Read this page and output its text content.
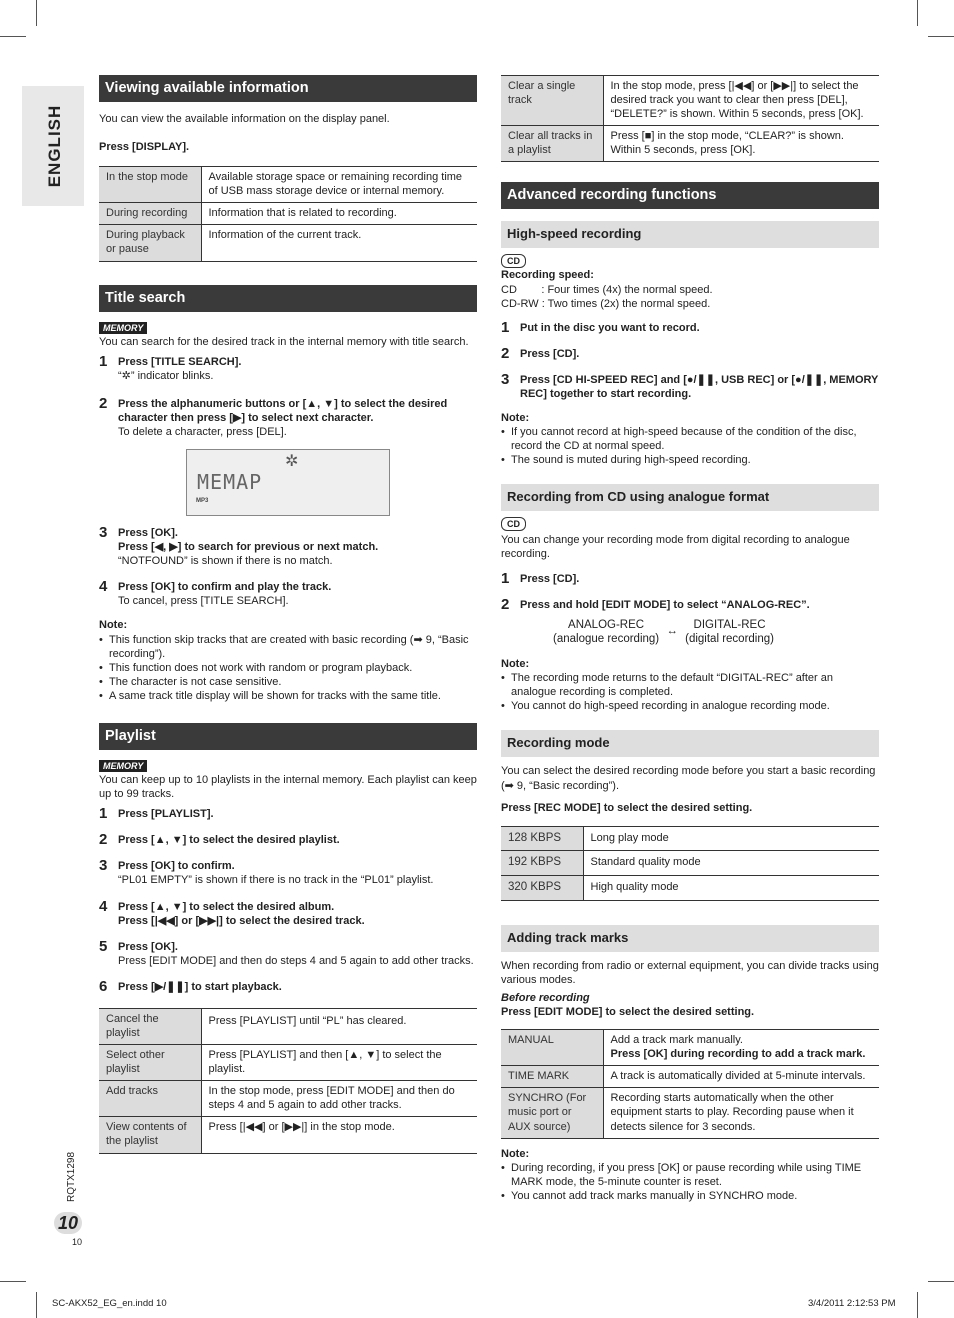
ENGLISH
Viewing available information
You can view the available information on the display panel.
Press [DISPLAY].
In the stop mode	Available storage space or remaining recording time of USB mass storage device or internal memory.
During recording	Information that is related to recording.
During playback or pause	Information of the current track.
Title search
MEMORY
You can search for the desired track in the internal memory with title search.
1 Press [TITLE SEARCH].
“✲” indicator blinks.
2 Press the alphanumeric buttons or [▲, ▼] to select the desired character then press [▶] to select next character.
To delete a character, press [DEL].
✲
MEMAP
MP3
3 Press [OK].
Press [◀, ▶] to search for previous or next match.
“NOTFOUND” is shown if there is no match.
4 Press [OK] to confirm and play the track.
To cancel, press [TITLE SEARCH].
Note:
• This function skip tracks that are created with basic recording (➡ 9, “Basic recording”).
• This function does not work with random or program playback.
• The character is not case sensitive.
• A same track title display will be shown for tracks with the same title.
Playlist
MEMORY
You can keep up to 10 playlists in the internal memory. Each playlist can keep up to 99 tracks.
1 Press [PLAYLIST].
2 Press [▲, ▼] to select the desired playlist.
3 Press [OK] to confirm.
“PL01 EMPTY” is shown if there is no track in the “PL01” playlist.
4 Press [▲, ▼] to select the desired album.
Press [|◀◀] or [▶▶|] to select the desired track.
5 Press [OK].
Press [EDIT MODE] and then do steps 4 and 5 again to add other tracks.
6 Press [▶/❚❚] to start playback.
Cancel the playlist	Press [PLAYLIST] until “PL” has cleared.
Select other playlist	Press [PLAYLIST] and then [▲, ▼] to select the playlist.
Add tracks	In the stop mode, press [EDIT MODE] and then do steps 4 and 5 again to add other tracks.
View contents of the playlist	Press [|◀◀] or [▶▶|] in the stop mode.
Clear a single track	In the stop mode, press [|◀◀] or [▶▶|] to select the desired track you want to clear then press [DEL], “DELETE?” is shown. Within 5 seconds, press [OK].
Clear all tracks in a playlist	Press [■] in the stop mode, “CLEAR?” is shown. Within 5 seconds, press [OK].
Advanced recording functions
High-speed recording
CD
Recording speed:
CD        : Four times (4x) the normal speed.
CD-RW : Two times (2x) the normal speed.
1 Put in the disc you want to record.
2 Press [CD].
3 Press [CD HI-SPEED REC] and [●/❚❚, USB REC] or [●/❚❚, MEMORY REC] together to start recording.
Note:
• If you cannot record at high-speed because of the condition of the disc, record the CD at normal speed.
• The sound is muted during high-speed recording.
Recording from CD using analogue format
CD
You can change your recording mode from digital recording to analogue recording.
1 Press [CD].
2 Press and hold [EDIT MODE] to select “ANALOG-REC”.
ANALOG-REC
(analogue recording)
↔	DIGITAL-REC
(digital recording)
Note:
• The recording mode returns to the default “DIGITAL-REC” after an analogue recording is completed.
• You cannot do high-speed recording in analogue recording mode.
Recording mode
You can select the desired recording mode before you start a basic recording (➡ 9, “Basic recording”).
Press [REC MODE] to select the desired setting.
128 KBPS	Long play mode
192 KBPS	Standard quality mode
320 KBPS	High quality mode
Adding track marks
When recording from radio or external equipment, you can divide tracks using various modes.
Before recording
Press [EDIT MODE] to select the desired setting.
MANUAL	Add a track mark manually.
Press [OK] during recording to add a track mark.

TIME MARK	A track is automatically divided at 5-minute intervals.
SYNCHRO (For music port or AUX source)	Recording starts automatically when the other equipment starts to play. Recording pause when it detects silence for 3 seconds.
Note:
• During recording, if you press [OK] or pause recording while using TIME MARK mode, the 5-minute counter is reset.
• You cannot add track marks manually in SYNCHRO mode.
RQTX1298
10
10
SC-AKX52_EG_en.indd 10	3/4/2011 2:12:53 PM
